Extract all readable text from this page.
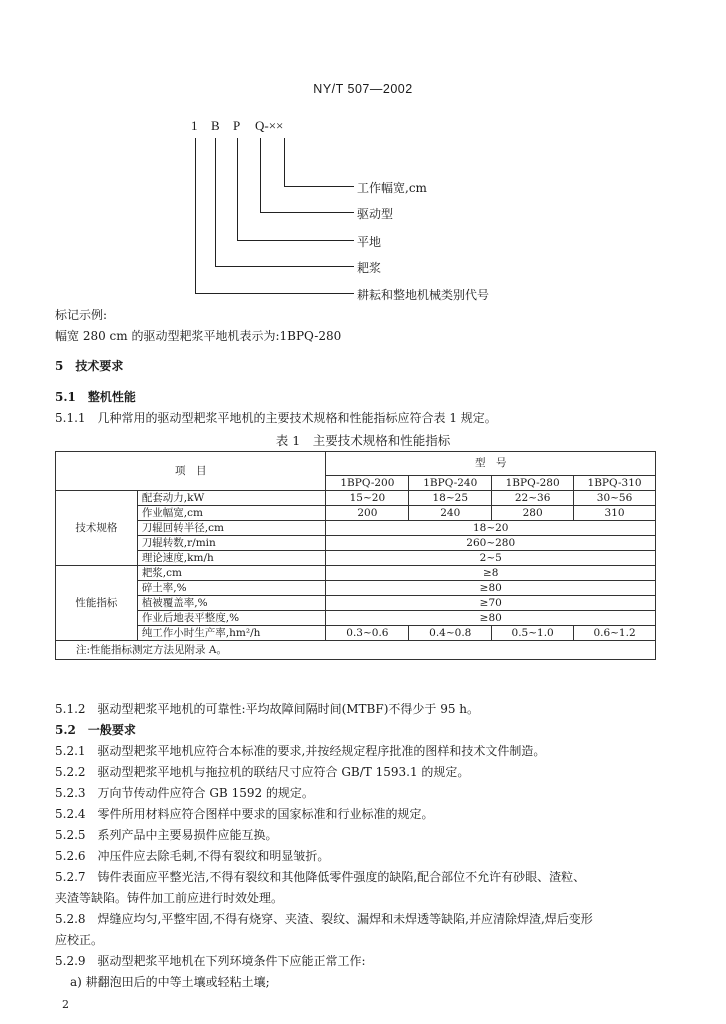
NY/T 507—2002
1 B P Q-××
工作幅宽,cm
驱动型
平地
耙浆
耕耘和整地机械类别代号
标记示例:
幅宽 280 cm 的驱动型耙浆平地机表示为:1BPQ-280
5　技术要求
5.1　整机性能
5.1.1　几种常用的驱动型耙浆平地机的主要技术规格和性能指标应符合表 1 规定。
表 1　主要技术规格和性能指标
项　目		型　号			
		1BPQ-200	1BPQ-240	1BPQ-280	1BPQ-310
技术规格	配套动力,kW	15~20	18~25	22~36	30~56
	作业幅宽,cm	200	240	280	310
	刀辊回转半径,cm	18~20			
	刀辊转数,r/min	260~280			
	理论速度,km/h	2~5			
性能指标	耙浆,cm	≥8			
	碎土率,%	≥80			
	植被覆盖率,%	≥70			
	作业后地表平整度,%	≥80			
	纯工作小时生产率,hm²/h	0.3~0.6	0.4~0.8	0.5~1.0	0.6~1.2
注:性能指标测定方法见附录 A。					
5.1.2　驱动型耙浆平地机的可靠性:平均故障间隔时间(MTBF)不得少于 95 h。
5.2　一般要求
5.2.1　驱动型耙浆平地机应符合本标准的要求,并按经规定程序批准的图样和技术文件制造。
5.2.2　驱动型耙浆平地机与拖拉机的联结尺寸应符合 GB/T 1593.1 的规定。
5.2.3　万向节传动件应符合 GB 1592 的规定。
5.2.4　零件所用材料应符合图样中要求的国家标准和行业标准的规定。
5.2.5　系列产品中主要易损件应能互换。
5.2.6　冲压件应去除毛刺,不得有裂纹和明显皱折。
5.2.7　铸件表面应平整光洁,不得有裂纹和其他降低零件强度的缺陷,配合部位不允许有砂眼、渣粒、
夹渣等缺陷。铸件加工前应进行时效处理。
5.2.8　焊缝应均匀,平整牢固,不得有烧穿、夹渣、裂纹、漏焊和未焊透等缺陷,并应清除焊渣,焊后变形
应校正。
5.2.9　驱动型耙浆平地机在下列环境条件下应能正常工作:
a) 耕翻泡田后的中等土壤或轻粘土壤;
2
